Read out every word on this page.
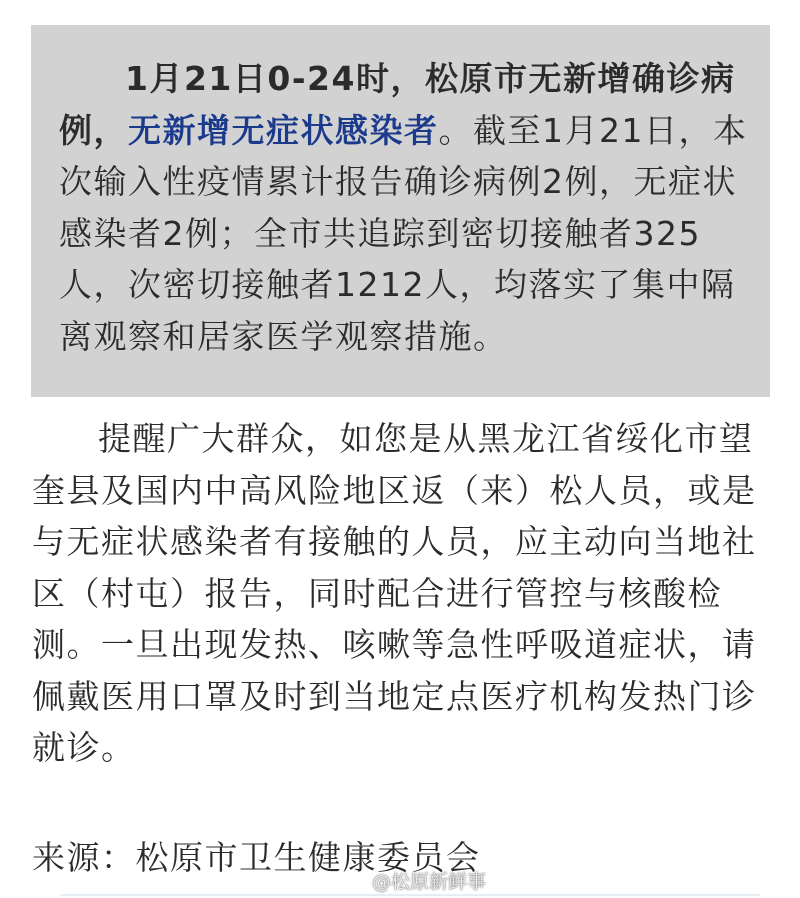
1月21日0-24时，松原市无新增确诊病例，无新增无症状感染者。截至1月21日，本次输入性疫情累计报告确诊病例2例，无症状感染者2例；全市共追踪到密切接触者325人，次密切接触者1212人，均落实了集中隔离观察和居家医学观察措施。

提醒广大群众，如您是从黑龙江省绥化市望奎县及国内中高风险地区返（来）松人员，或是与无症状感染者有接触的人员，应主动向当地社区（村屯）报告，同时配合进行管控与核酸检测。一旦出现发热、咳嗽等急性呼吸道症状，请佩戴医用口罩及时到当地定点医疗机构发热门诊就诊。

来源：松原市卫生健康委员会

@松原新鲜事
